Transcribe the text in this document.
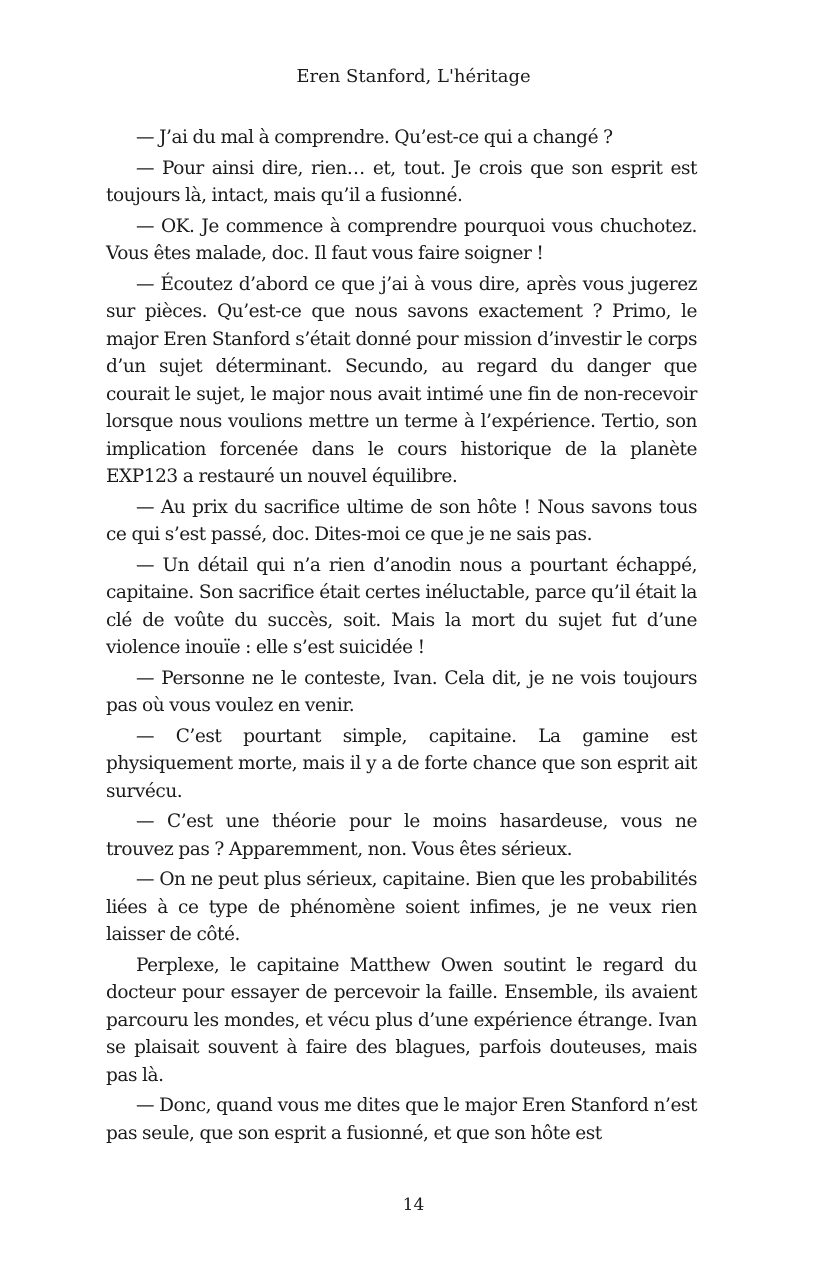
Eren Stanford, L'héritage

— J’ai du mal à comprendre. Qu’est-ce qui a changé ?

— Pour ainsi dire, rien… et, tout. Je crois que son esprit est toujours là, intact, mais qu’il a fusionné.

— OK. Je commence à comprendre pourquoi vous chuchotez. Vous êtes malade, doc. Il faut vous faire soigner !

— Écoutez d’abord ce que j’ai à vous dire, après vous jugerez sur pièces. Qu’est-ce que nous savons exactement ? Primo, le major Eren Stanford s’était donné pour mission d’investir le corps d’un sujet déterminant. Secundo, au regard du danger que courait le sujet, le major nous avait intimé une fin de non-recevoir lorsque nous voulions mettre un terme à l’expérience. Tertio, son implication forcenée dans le cours historique de la planète EXP123 a restauré un nouvel équilibre.

— Au prix du sacrifice ultime de son hôte ! Nous savons tous ce qui s’est passé, doc. Dites-moi ce que je ne sais pas.

— Un détail qui n’a rien d’anodin nous a pourtant échappé, capitaine. Son sacrifice était certes inéluctable, parce qu’il était la clé de voûte du succès, soit. Mais la mort du sujet fut d’une violence inouïe : elle s’est suicidée !

— Personne ne le conteste, Ivan. Cela dit, je ne vois toujours pas où vous voulez en venir.

— C’est pourtant simple, capitaine. La gamine est physiquement morte, mais il y a de forte chance que son esprit ait survécu.

— C’est une théorie pour le moins hasardeuse, vous ne trouvez pas ? Apparemment, non. Vous êtes sérieux.

— On ne peut plus sérieux, capitaine. Bien que les probabilités liées à ce type de phénomène soient infimes, je ne veux rien laisser de côté.

Perplexe, le capitaine Matthew Owen soutint le regard du docteur pour essayer de percevoir la faille. Ensemble, ils avaient parcouru les mondes, et vécu plus d’une expérience étrange. Ivan se plaisait souvent à faire des blagues, parfois douteuses, mais pas là.

— Donc, quand vous me dites que le major Eren Stanford n’est pas seule, que son esprit a fusionné, et que son hôte est

14
